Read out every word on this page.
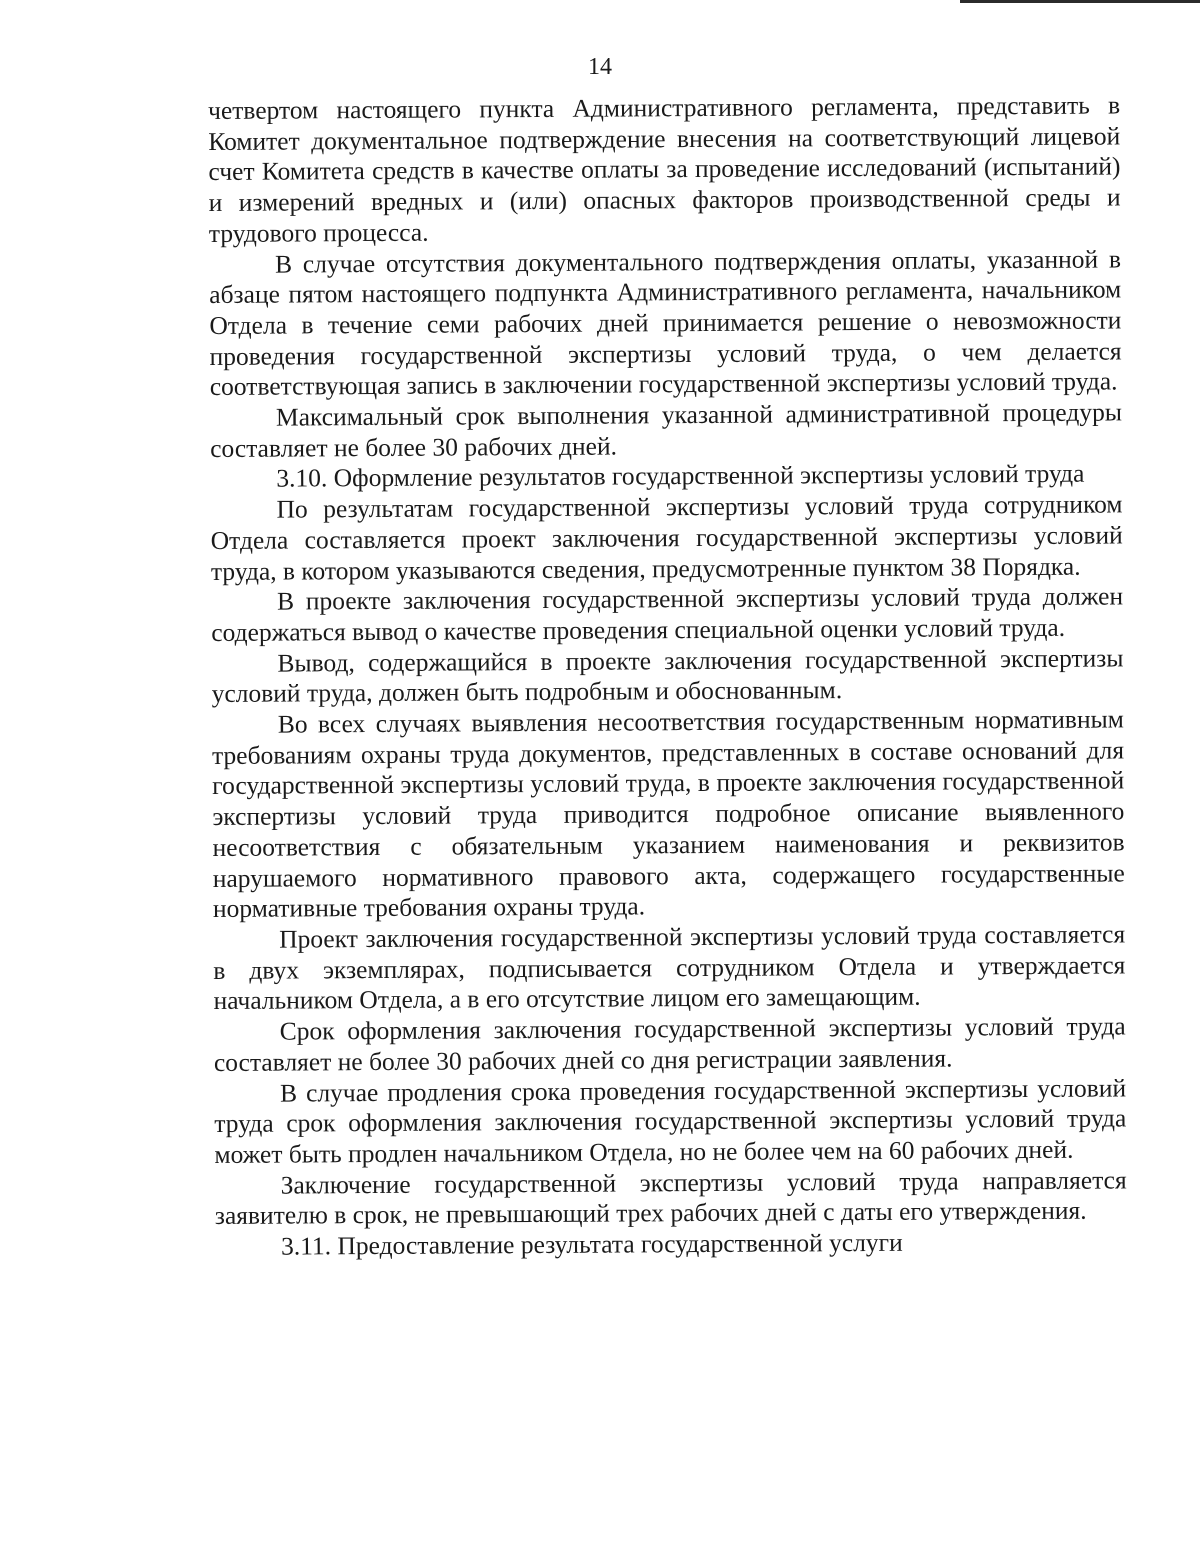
14

четвертом настоящего пункта Административного регламента, представить в Комитет документальное подтверждение внесения на соответствующий лицевой счет Комитета средств в качестве оплаты за проведение исследований (испытаний) и измерений вредных и (или) опасных факторов производственной среды и трудового процесса.

В случае отсутствия документального подтверждения оплаты, указанной в абзаце пятом настоящего подпункта Административного регламента, начальником Отдела в течение семи рабочих дней принимается решение о невозможности проведения государственной экспертизы условий труда, о чем делается соответствующая запись в заключении государственной экспертизы условий труда.

Максимальный срок выполнения указанной административной процедуры составляет не более 30 рабочих дней.

3.10. Оформление результатов государственной экспертизы условий труда

По результатам государственной экспертизы условий труда сотрудником Отдела составляется проект заключения государственной экспертизы условий труда, в котором указываются сведения, предусмотренные пунктом 38 Порядка.

В проекте заключения государственной экспертизы условий труда должен содержаться вывод о качестве проведения специальной оценки условий труда.

Вывод, содержащийся в проекте заключения государственной экспертизы условий труда, должен быть подробным и обоснованным.

Во всех случаях выявления несоответствия государственным нормативным требованиям охраны труда документов, представленных в составе оснований для государственной экспертизы условий труда, в проекте заключения государственной экспертизы условий труда приводится подробное описание выявленного несоответствия с обязательным указанием наименования и реквизитов нарушаемого нормативного правового акта, содержащего государственные нормативные требования охраны труда.

Проект заключения государственной экспертизы условий труда составляется в двух экземплярах, подписывается сотрудником Отдела и утверждается начальником Отдела, а в его отсутствие лицом его замещающим.

Срок оформления заключения государственной экспертизы условий труда составляет не более 30 рабочих дней со дня регистрации заявления.

В случае продления срока проведения государственной экспертизы условий труда срок оформления заключения государственной экспертизы условий труда может быть продлен начальником Отдела, но не более чем на 60 рабочих дней.

Заключение государственной экспертизы условий труда направляется заявителю в срок, не превышающий трех рабочих дней с даты его утверждения.

3.11. Предоставление результата государственной услуги
